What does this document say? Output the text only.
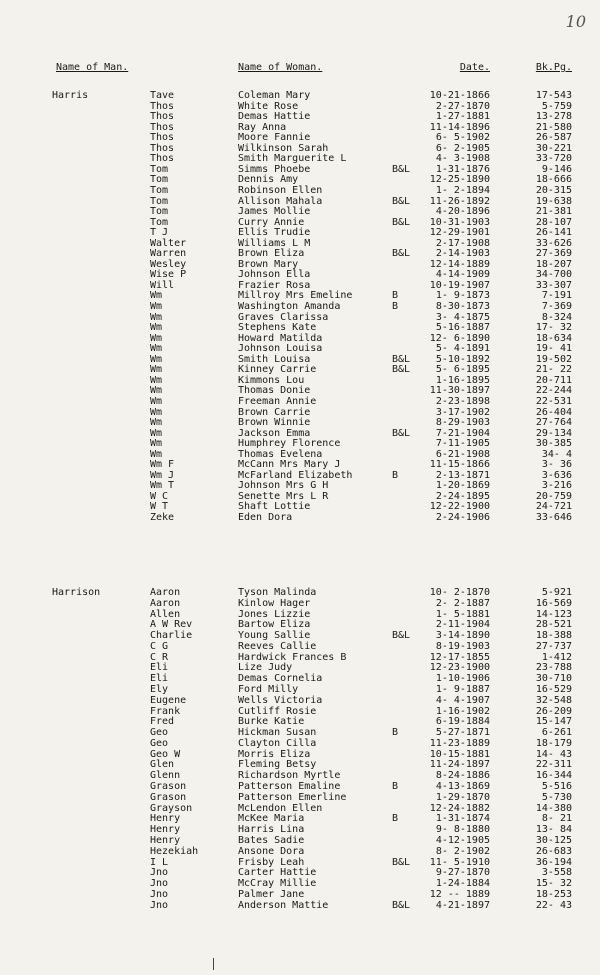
10
Name of Man.	Name of Woman.	Date.	Bk.Pg.
Harris	Tave	Coleman Mary	10-21-1866	17-543
Thos	White Rose	2-27-1870	5-759
Thos	Demas Hattie	1-27-1881	13-278
Thos	Ray Anna	11-14-1896	21-580
Thos	Moore Fannie	6- 5-1902	26-587
Thos	Wilkinson Sarah	6- 2-1905	30-221
Thos	Smith Marguerite L	4- 3-1908	33-720
Tom	Simms Phoebe	B&L	1-31-1876	9-146
Tom	Dennis Amy	12-25-1890	18-666
Tom	Robinson Ellen	1- 2-1894	20-315
Tom	Allison Mahala	B&L 11-26-1892	19-638
Tom	James Mollie	4-20-1896	21-381
Tom	Curry Annie	B&L 10-31-1903	28-107
T J	Ellis Trudie	12-29-1901	26-141
Walter	Williams L M	2-17-1908	33-626
Warren	Brown Eliza	B&L	2-14-1903	27-369
Wesley	Brown Mary	12-14-1889	18-207
Wise P	Johnson Ella	4-14-1909	34-700
Will	Frazier Rosa	10-19-1907	33-307
Wm	Millroy Mrs Emeline	B	1- 9-1873	7-191
Wm	Washington Amanda	B	8-30-1873	7-369
Wm	Graves Clarissa	3- 4-1875	8-324
Wm	Stephens Kate	5-16-1887	17- 32
Wm	Howard Matilda	12- 6-1890	18-634
Wm	Johnson Louisa	5- 4-1891	19- 41
Wm	Smith Louisa	B&L	5-10-1892	19-502
Wm	Kinney Carrie	B&L	5- 6-1895	21- 22
Wm	Kimmons Lou	1-16-1895	20-711
Wm	Thomas Donie	11-30-1897	22-244
Wm	Freeman Annie	2-23-1898	22-531
Wm	Brown Carrie	3-17-1902	26-404
Wm	Brown Winnie	8-29-1903	27-764
Wm	Jackson Emma	B&L	7-21-1904	29-134
Wm	Humphrey Florence	7-11-1905	30-385
Wm	Thomas Evelena	6-21-1908	34- 4
Wm F	McCann Mrs Mary J	11-15-1866	3- 36
Wm J	McFarland Elizabeth	B	2-13-1871	3-636
Wm T	Johnson Mrs G H	1-20-1869	3-216
W C	Senette Mrs L R	2-24-1895	20-759
W T	Shaft Lottie	12-22-1900	24-721
Zeke	Eden Dora	2-24-1906	33-646
Harrison	Aaron	Tyson Malinda	10- 2-1870	5-921
Aaron	Kinlow Hager	2- 2-1887	16-569
Allen	Jones Lizzie	1- 5-1881	14-123
A W Rev	Bartow Eliza	2-11-1904	28-521
Charlie	Young Sallie	B&L	3-14-1890	18-388
C G	Reeves Callie	8-19-1903	27-737
C R	Hardwick Frances B	12-17-1855	1-412
Eli	Lize Judy	12-23-1900	23-788
Eli	Demas Cornelia	1-10-1906	30-710
Ely	Ford Milly	1- 9-1887	16-529
Eugene	Wells Victoria	4- 4-1907	32-548
Frank	Cutliff Rosie	1-16-1902	26-209
Fred	Burke Katie	6-19-1884	15-147
Geo	Hickman Susan	B	5-27-1871	6-261
Geo	Clayton Cilla	11-23-1889	18-179
Geo W	Morris Eliza	10-15-1881	14- 43
Glen	Fleming Betsy	11-24-1897	22-311
Glenn	Richardson Myrtle	8-24-1886	16-344
Grason	Patterson Emaline	B	4-13-1869	5-516
Grason	Patterson Emerline	1-29-1870	5-730
Grayson	McLendon Ellen	12-24-1882	14-380
Henry	McKee Maria	B	1-31-1874	8- 21
Henry	Harris Lina	9- 8-1880	13- 84
Henry	Bates Sadie	4-12-1905	30-125
Hezekiah	Ansone Dora	8- 2-1902	26-683
I L	Frisby Leah	B&L 11- 5-1910	36-194
Jno	Carter Hattie	9-27-1870	3-558
Jno	McCray Millie	1-24-1884	15- 32
Jno	Palmer Jane	12 -- 1889	18-253
Jno	Anderson Mattie	B&L	4-21-1897	22- 43
